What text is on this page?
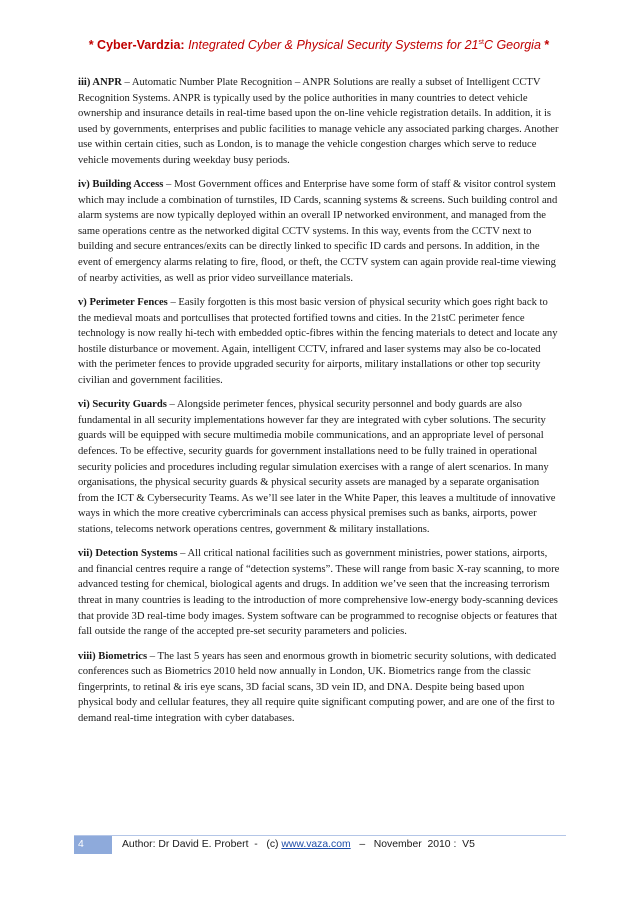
* Cyber-Vardzia: Integrated Cyber & Physical Security Systems for 21stC Georgia *

iii) ANPR – Automatic Number Plate Recognition – ANPR Solutions are really a subset of Intelligent CCTV Recognition Systems. ANPR is typically used by the police authorities in many countries to detect vehicle ownership and insurance details in real-time based upon the on-line vehicle registration details. In addition, it is used by governments, enterprises and public facilities to manage vehicle any associated parking charges. Another use within certain cities, such as London, is to manage the vehicle congestion charges which serve to reduce vehicle movements during weekday busy periods.

iv) Building Access – Most Government offices and Enterprise have some form of staff & visitor control system which may include a combination of turnstiles, ID Cards, scanning systems & screens. Such building control and alarm systems are now typically deployed within an overall IP networked environment, and managed from the same operations centre as the networked digital CCTV systems. In this way, events from the CCTV next to building and secure entrances/exits can be directly linked to specific ID cards and persons. In addition, in the event of emergency alarms relating to fire, flood, or theft, the CCTV system can again provide real-time viewing of nearby activities, as well as prior video surveillance materials.

v) Perimeter Fences – Easily forgotten is this most basic version of physical security which goes right back to the medieval moats and portcullises that protected fortified towns and cities. In the 21stC perimeter fence technology is now really hi-tech with embedded optic-fibres within the fencing materials to detect and locate any hostile disturbance or movement. Again, intelligent CCTV, infrared and laser systems may also be co-located with the perimeter fences to provide upgraded security for airports, military installations or other top security civilian and government facilities.

vi) Security Guards – Alongside perimeter fences, physical security personnel and body guards are also fundamental in all security implementations however far they are integrated with cyber solutions. The security guards will be equipped with secure multimedia mobile communications, and an appropriate level of personal defences. To be effective, security guards for government installations need to be fully trained in operational security policies and procedures including regular simulation exercises with a range of alert scenarios. In many organisations, the physical security guards & physical security assets are managed by a separate organisation from the ICT & Cybersecurity Teams. As we’ll see later in the White Paper, this leaves a multitude of innovative ways in which the more creative cybercriminals can access physical premises such as banks, airports, power stations, telecoms network operations centres, government & military installations.

vii) Detection Systems – All critical national facilities such as government ministries, power stations, airports, and financial centres require a range of “detection systems”. These will range from basic X-ray scanning, to more advanced testing for chemical, biological agents and drugs. In addition we’ve seen that the increasing terrorism threat in many countries is leading to the introduction of more comprehensive low-energy body-scanning devices that provide 3D real-time body images. System software can be programmed to recognise objects or features that fall outside the range of the accepted pre-set security parameters and policies.

viii) Biometrics – The last 5 years has seen and enormous growth in biometric security solutions, with dedicated conferences such as Biometrics 2010 held now annually in London, UK. Biometrics range from the classic fingerprints, to retinal & iris eye scans, 3D facial scans, 3D vein ID, and DNA. Despite being based upon physical body and cellular features, they all require quite significant computing power, and are one of the first to demand real-time integration with cyber databases.

4	Author: Dr David E. Probert  -   (c) www.vaza.com   –   November  2010 :  V5
